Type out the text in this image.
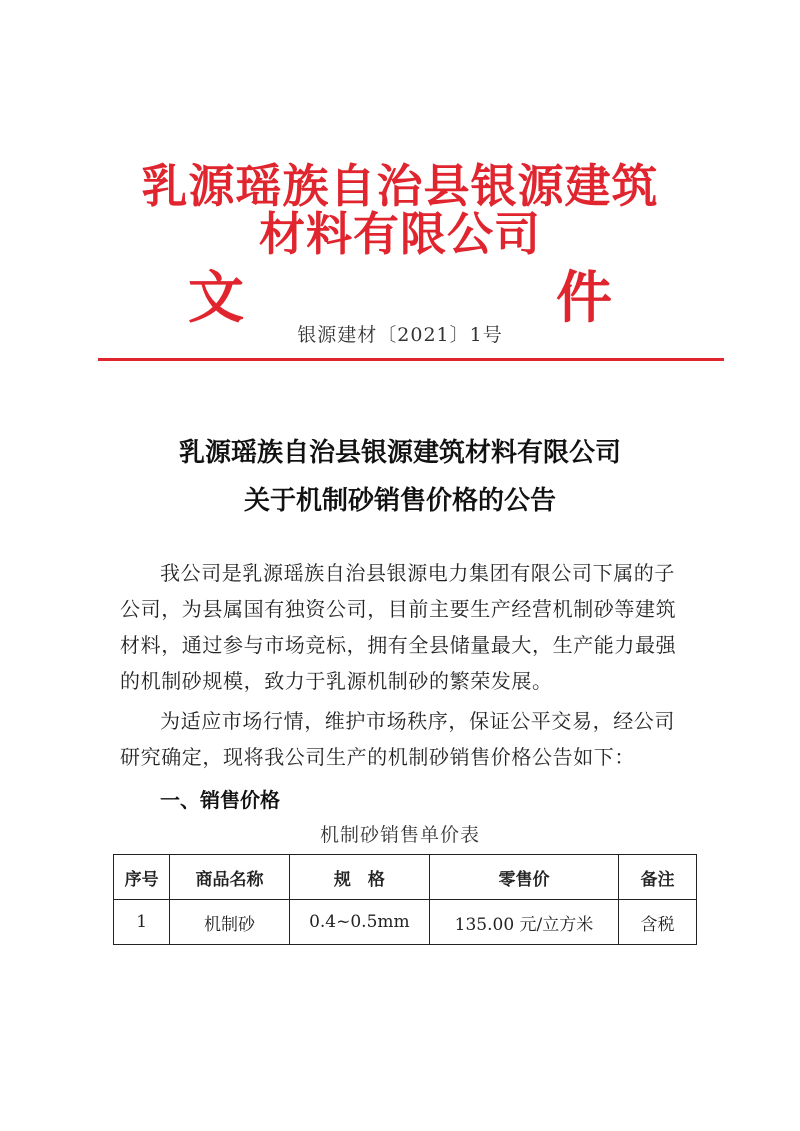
乳源瑶族自治县银源建筑
材料有限公司
文	件
银源建材〔2021〕1号
乳源瑶族自治县银源建筑材料有限公司
关于机制砂销售价格的公告
我公司是乳源瑶族自治县银源电力集团有限公司下属的子公司，为县属国有独资公司，目前主要生产经营机制砂等建筑材料，通过参与市场竞标，拥有全县储量最大，生产能力最强的机制砂规模，致力于乳源机制砂的繁荣发展。
为适应市场行情，维护市场秩序，保证公平交易，经公司研究确定，现将我公司生产的机制砂销售价格公告如下：
一、销售价格
机制砂销售单价表
序号	商品名称	规　格	零售价	备注
1	机制砂	0.4~0.5mm	135.00 元/立方米	含税
